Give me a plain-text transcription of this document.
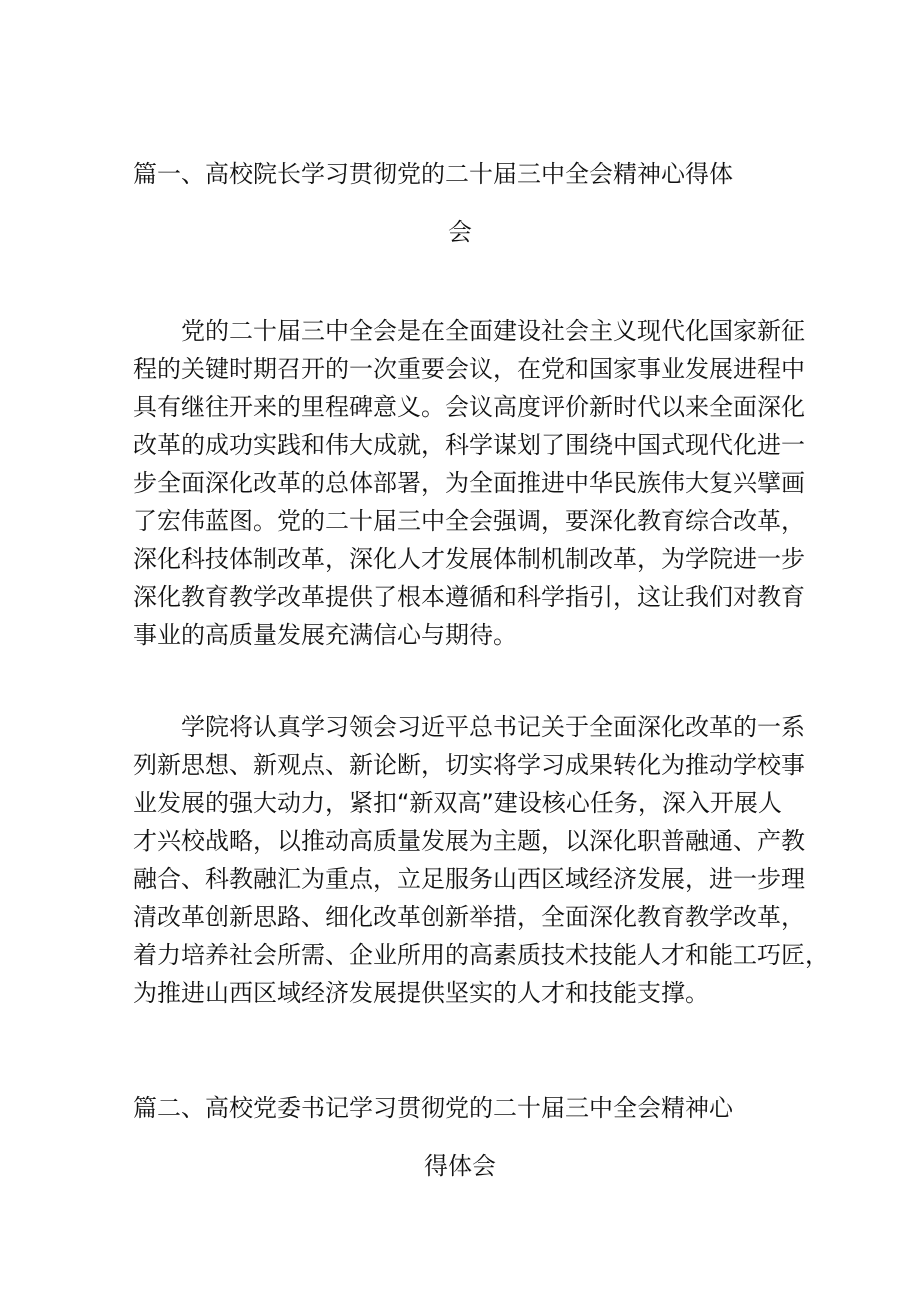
篇一、高校院长学习贯彻党的二十届三中全会精神心得体
会
　　党的二十届三中全会是在全面建设社会主义现代化国家新征
程的关键时期召开的一次重要会议，在党和国家事业发展进程中
具有继往开来的里程碑意义。会议高度评价新时代以来全面深化
改革的成功实践和伟大成就，科学谋划了围绕中国式现代化进一
步全面深化改革的总体部署，为全面推进中华民族伟大复兴擘画
了宏伟蓝图。党的二十届三中全会强调，要深化教育综合改革，
深化科技体制改革，深化人才发展体制机制改革，为学院进一步
深化教育教学改革提供了根本遵循和科学指引，这让我们对教育
事业的高质量发展充满信心与期待。
　　学院将认真学习领会习近平总书记关于全面深化改革的一系
列新思想、新观点、新论断，切实将学习成果转化为推动学校事
业发展的强大动力，紧扣“新双高”建设核心任务，深入开展人
才兴校战略，以推动高质量发展为主题，以深化职普融通、产教
融合、科教融汇为重点，立足服务山西区域经济发展，进一步理
清改革创新思路、细化改革创新举措，全面深化教育教学改革，
着力培养社会所需、企业所用的高素质技术技能人才和能工巧匠，
为推进山西区域经济发展提供坚实的人才和技能支撑。
篇二、高校党委书记学习贯彻党的二十届三中全会精神心
得体会
